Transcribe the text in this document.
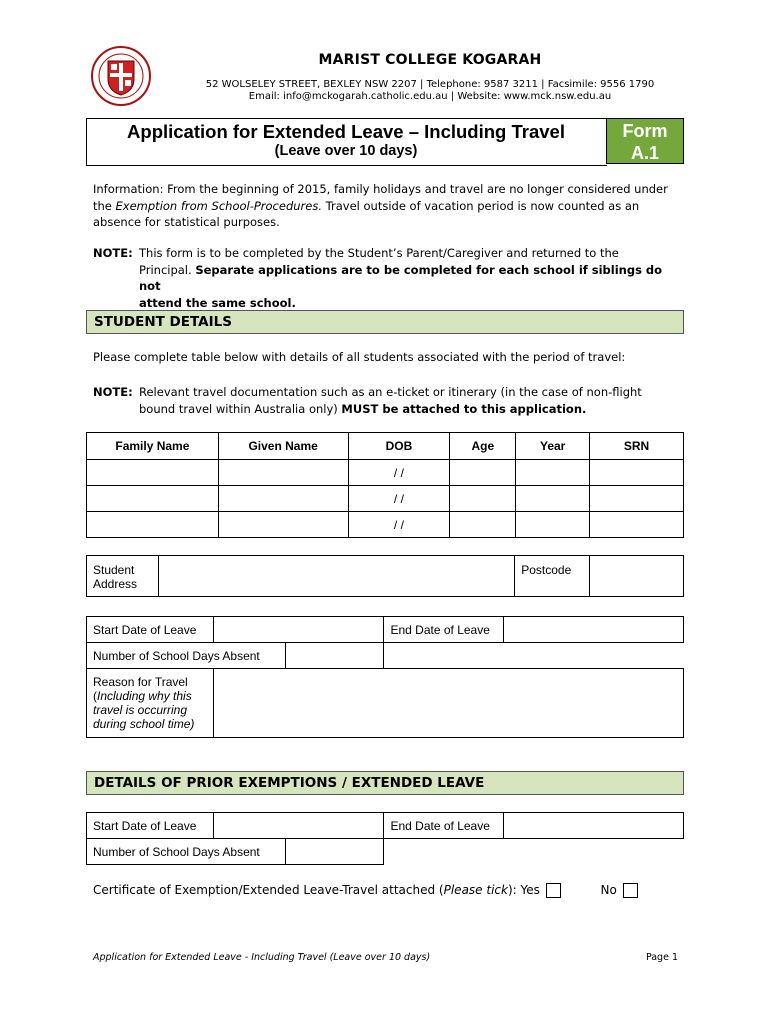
MARIST COLLEGE KOGARAH
52 WOLSELEY STREET, BEXLEY NSW 2207 | Telephone: 9587 3211 | Facsimile: 9556 1790
Email: info@mckogarah.catholic.edu.au | Website: www.mck.nsw.edu.au
Application for Extended Leave – Including Travel
(Leave over 10 days)
Form
A.1
Information: From the beginning of 2015, family holidays and travel are no longer considered under
the Exemption from School-Procedures. Travel outside of vacation period is now counted as an
absence for statistical purposes.
NOTE: This form is to be completed by the Student’s Parent/Caregiver and returned to the
Principal. Separate applications are to be completed for each school if siblings do not
attend the same school.
STUDENT DETAILS
Please complete table below with details of all students associated with the period of travel:
NOTE: Relevant travel documentation such as an e-ticket or itinerary (in the case of non-flight
bound travel within Australia only) MUST be attached to this application.
Family Name	Given Name	DOB	Age	Year	SRN
		/ /			
		/ /			
		/ /			
Student
Address
		Postcode	
Start Date of Leave			End Date of Leave	
Number of School Days Absent				
Reason for Travel
(Including why this
travel is occurring
during school time)

DETAILS OF PRIOR EXEMPTIONS / EXTENDED LEAVE
Start Date of Leave			End Date of Leave	
Number of School Days Absent				
Certificate of Exemption/Extended Leave-Travel attached (Please tick): Yes	No
Application for Extended Leave - Including Travel (Leave over 10 days)	Page 1
